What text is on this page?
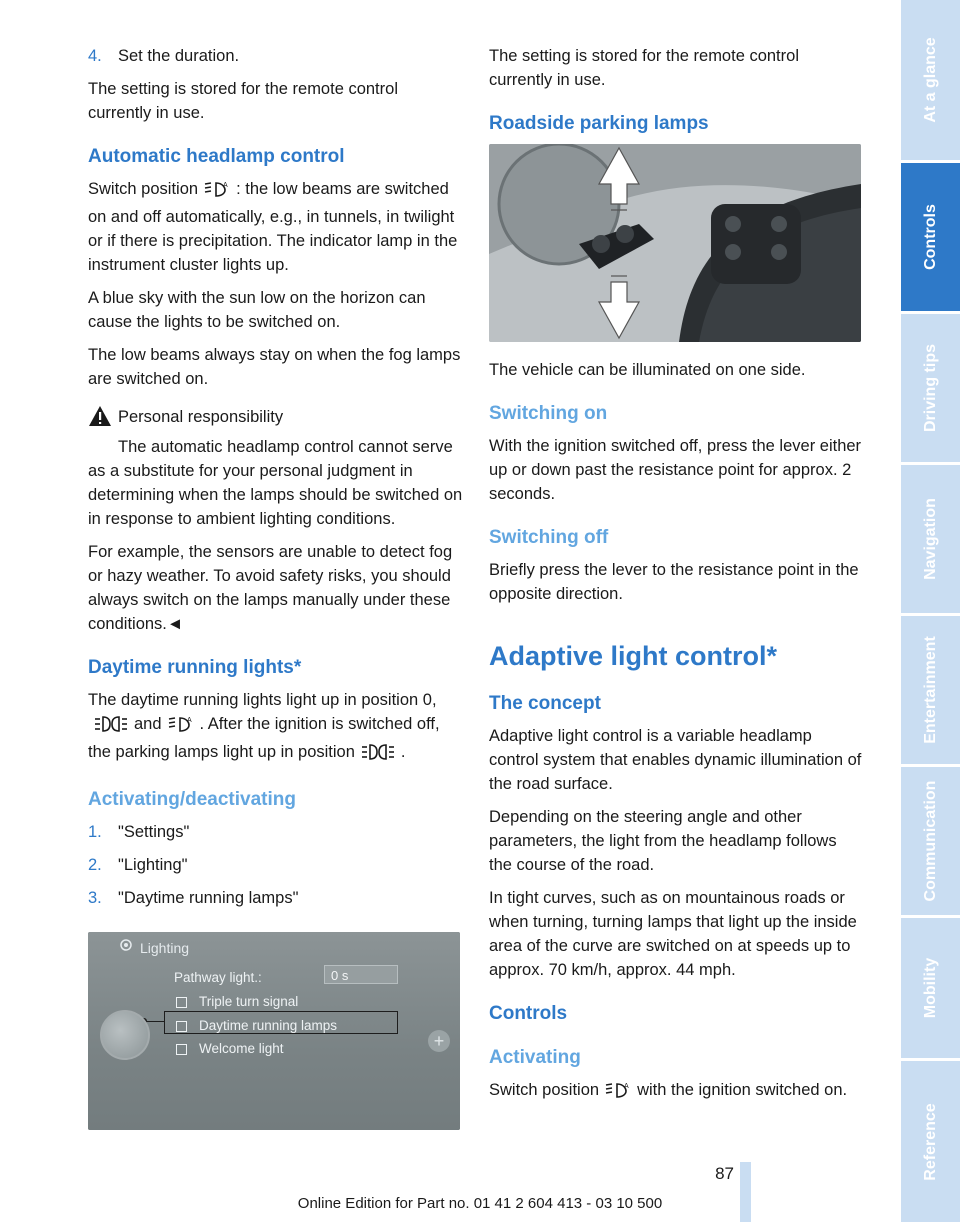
4. Set the duration.

The setting is stored for the remote control currently in use.

Automatic headlamp control

Switch position	A : the low beams are switched on and off automatically, e.g., in tunnels, in twilight or if there is precipitation. The indicator lamp in the instrument cluster lights up.

A blue sky with the sun low on the horizon can cause the lights to be switched on.

The low beams always stay on when the fog lamps are switched on.

Personal responsibility

The automatic headlamp control cannot serve as a substitute for your personal judgment in determining when the lamps should be switched on in response to ambient lighting conditions.

For example, the sensors are unable to detect fog or hazy weather. To avoid safety risks, you should always switch on the lamps manually under these conditions.◄

Daytime running lights*

The daytime running lights light up in position 0,and	A . After the ignition is switched off, the parking lamps light up in position	.

Activating/deactivating
1. "Settings"
2. "Lighting"
3. "Daytime running lamps"
Lighting
Pathway light.:	0 s
Triple turn signal
Daytime running lamps
Welcome light	+

The setting is stored for the remote control currently in use.

Roadside parking lamps

The vehicle can be illuminated on one side.

Switching on

With the ignition switched off, press the lever either up or down past the resistance point for approx. 2 seconds.

Switching off

Briefly press the lever to the resistance point in the opposite direction.

Adaptive light control*
The concept

Adaptive light control is a variable headlamp control system that enables dynamic illumination of the road surface.

Depending on the steering angle and other parameters, the light from the headlamp follows the course of the road.

In tight curves, such as on mountainous roads or when turning, turning lamps that light up the inside area of the curve are switched on at speeds up to approx. 70 km/h, approx. 44 mph.

Controls
Activating

Switch position	A with the ignition switched on.

At a glance
Controls
Driving tips
Navigation
Entertainment
Communication
Mobility
Reference
87
Online Edition for Part no. 01 41 2 604 413 - 03 10 500
